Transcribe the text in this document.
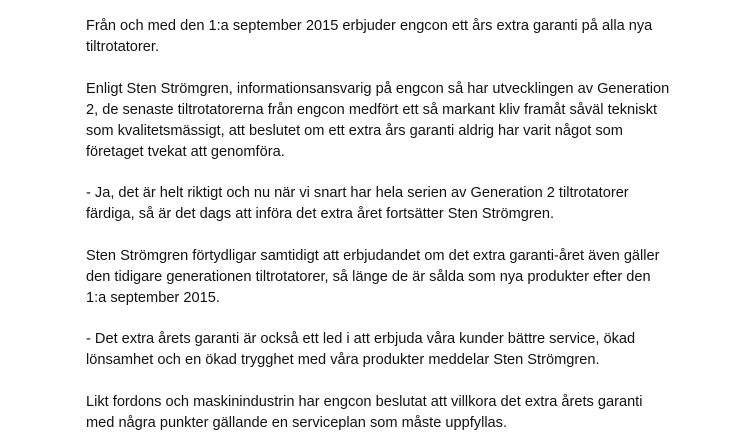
Från och med den 1:a september 2015 erbjuder engcon ett års extra garanti på alla nya
tiltrotatorer.

Enligt Sten Strömgren, informationsansvarig på engcon så har utvecklingen av Generation
2, de senaste tiltrotatorerna från engcon medfört ett så markant kliv framåt såväl tekniskt
som kvalitetsmässigt, att beslutet om ett extra års garanti aldrig har varit något som
företaget tvekat att genomföra.

- Ja, det är helt riktigt och nu när vi snart har hela serien av Generation 2 tiltrotatorer
färdiga, så är det dags att införa det extra året fortsätter Sten Strömgren.

Sten Strömgren förtydligar samtidigt att erbjudandet om det extra garanti-året även gäller
den tidigare generationen tiltrotatorer, så länge de är sålda som nya produkter efter den
1:a september 2015.

- Det extra årets garanti är också ett led i att erbjuda våra kunder bättre service, ökad
lönsamhet och en ökad trygghet med våra produkter meddelar Sten Strömgren.

Likt fordons och maskinindustrin har engcon beslutat att villkora det extra årets garanti
med några punkter gällande en serviceplan som måste uppfyllas.
